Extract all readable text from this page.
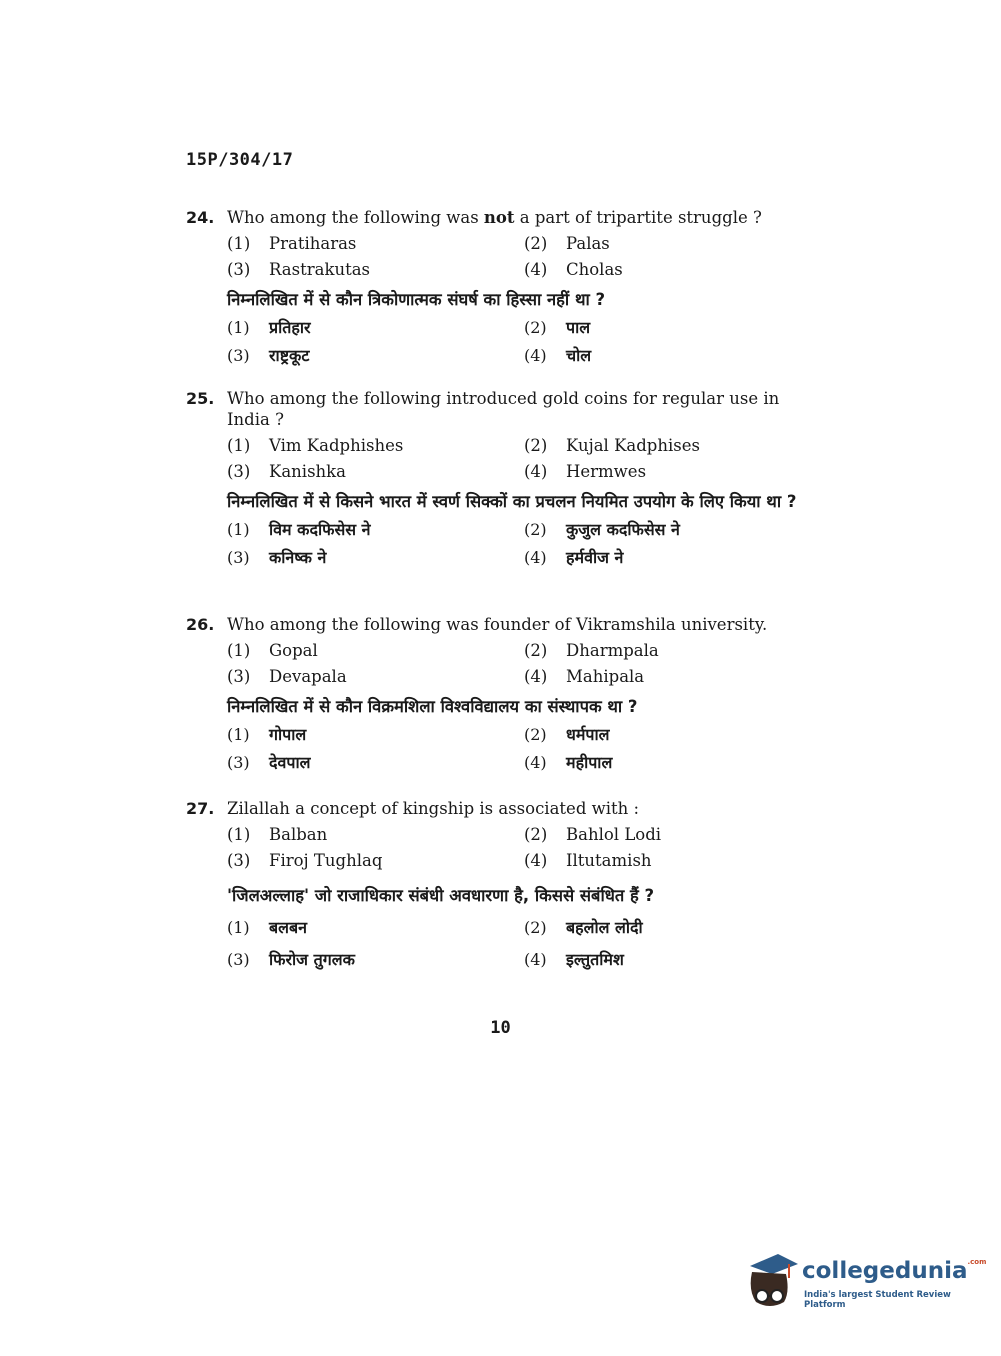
15P/304/17
24. Who among the following was not a part of tripartite struggle ?
(1)	Pratiharas	(2)	Palas
(3)	Rastrakutas	(4)	Cholas
निम्नलिखित में से कौन त्रिकोणात्मक संघर्ष का हिस्सा नहीं था ?
(1)	प्रतिहार	(2)	पाल
(3)	राष्ट्रकूट	(4)	चोल
25. Who among the following introduced gold coins for regular use in India ?
(1)	Vim Kadphishes	(2)	Kujal Kadphises
(3)	Kanishka	(4)	Hermwes
निम्नलिखित में से किसने भारत में स्वर्ण सिक्कों का प्रचलन नियमित उपयोग के लिए किया था ?
(1)	विम कदफिसेस ने	(2)	कुजुल कदफिसेस ने
(3)	कनिष्क ने	(4)	हर्मवीज ने
26. Who among the following was founder of Vikramshila university.
(1)	Gopal	(2)	Dharmpala
(3)	Devapala	(4)	Mahipala
निम्नलिखित में से कौन विक्रमशिला विश्वविद्यालय का संस्थापक था ?
(1)	गोपाल	(2)	धर्मपाल
(3)	देवपाल	(4)	महीपाल
27. Zilallah a concept of kingship is associated with :
(1)	Balban	(2)	Bahlol Lodi
(3)	Firoj Tughlaq	(4)	Iltutamish
'जिलअल्लाह' जो राजाधिकार संबंधी अवधारणा है, किससे संबंधित हैं ?
(1)	बलबन	(2)	बहलोल लोदी
(3)	फिरोज तुगलक	(4)	इल्तुतमिश
10
collegedunia$^{.com}$
India's largest Student Review Platform
